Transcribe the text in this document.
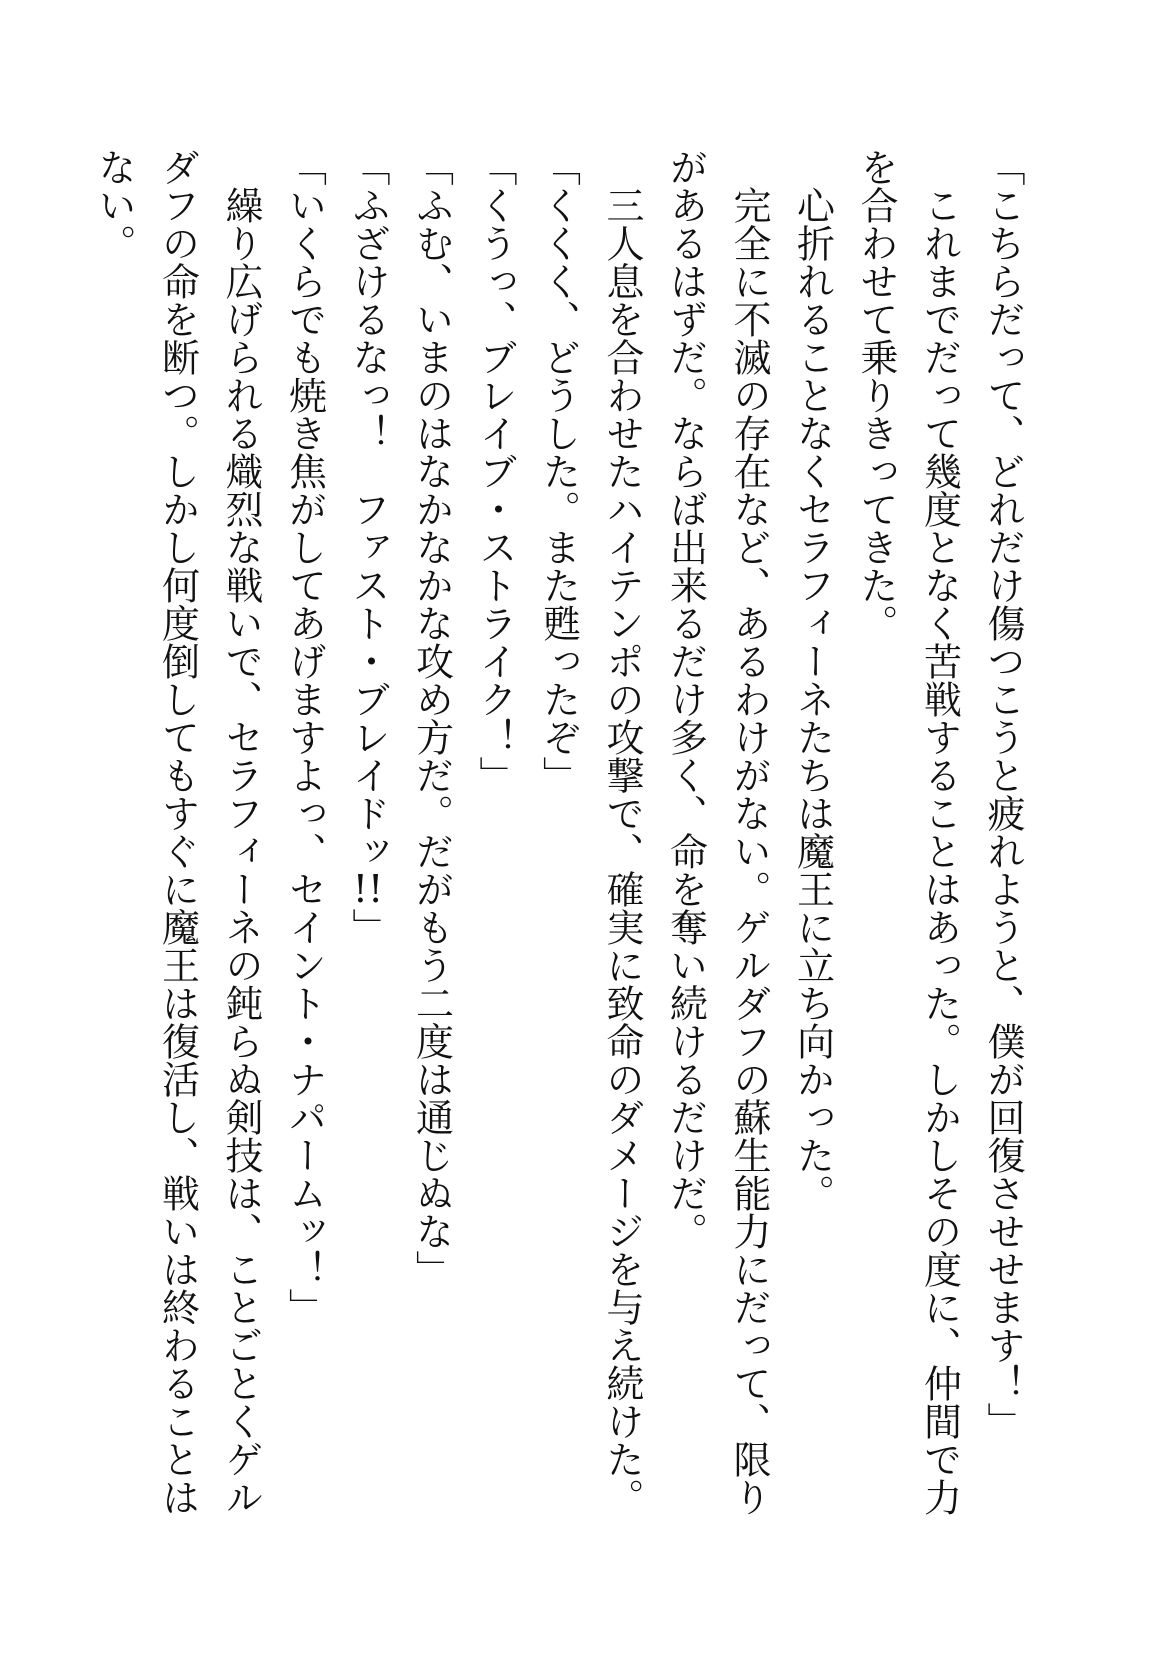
「こちらだって、どれだけ傷つこうと疲れようと、僕が回復させせます！」
　これまでだって幾度となく苦戦することはあった。しかしその度に、仲間で力
を合わせて乗りきってきた。
　心折れることなくセラフィーネたちは魔王に立ち向かった。
　完全に不滅の存在など、あるわけがない。ゲルダフの蘇生能力にだって、限り
があるはずだ。ならば出来るだけ多く、命を奪い続けるだけだ。
　三人息を合わせたハイテンポの攻撃で、確実に致命のダメージを与え続けた。
「くくく、どうした。また甦ったぞ」
「くうっ、ブレイブ・ストライク！」
「ふむ、いまのはなかなかな攻め方だ。だがもう二度は通じぬな」
「ふざけるなっ！　ファスト・ブレイドッ!!」
「いくらでも焼き焦がしてあげますよっ、セイント・ナパームッ！」
　繰り広げられる熾烈な戦いで、セラフィーネの鈍らぬ剣技は、ことごとくゲル
ダフの命を断つ。しかし何度倒してもすぐに魔王は復活し、戦いは終わることは
ない。
